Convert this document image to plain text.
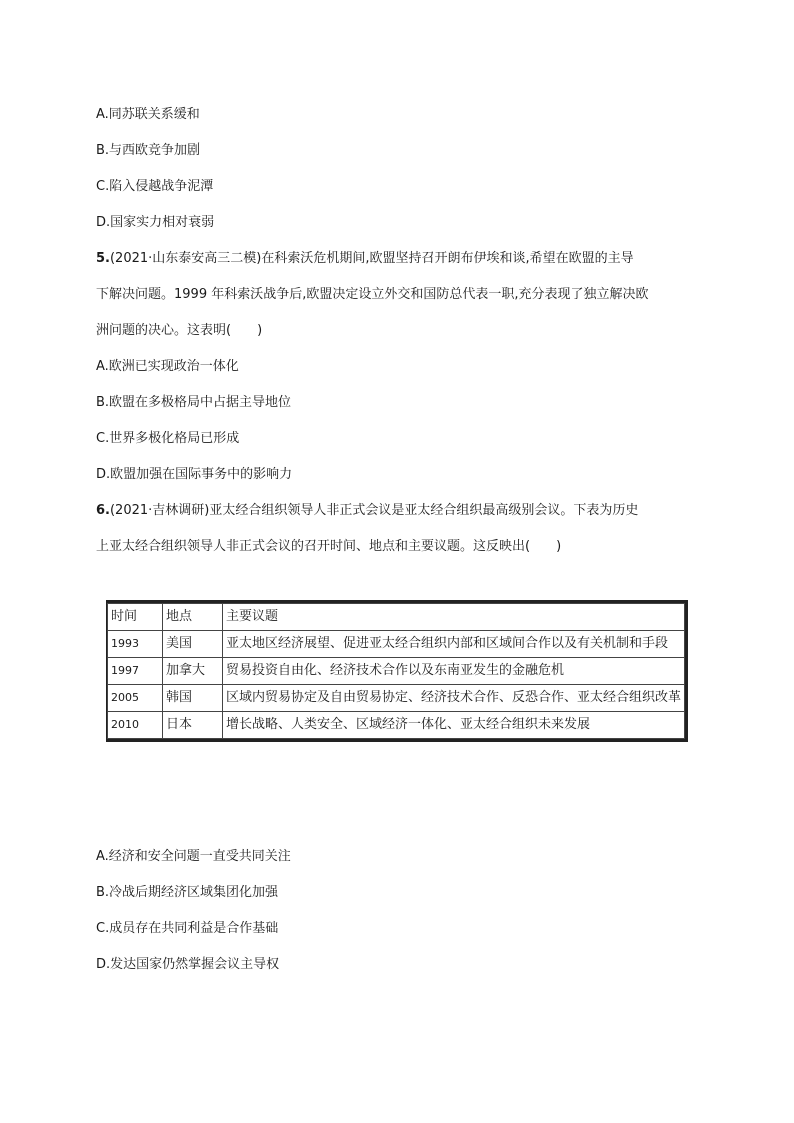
A.同苏联关系缓和
B.与西欧竞争加剧
C.陷入侵越战争泥潭
D.国家实力相对衰弱
5.(2021·山东泰安高三二模)在科索沃危机期间,欧盟坚持召开朗布伊埃和谈,希望在欧盟的主导
下解决问题。1999 年科索沃战争后,欧盟决定设立外交和国防总代表一职,充分表现了独立解决欧
洲问题的决心。这表明(　　)
A.欧洲已实现政治一体化
B.欧盟在多极格局中占据主导地位
C.世界多极化格局已形成
D.欧盟加强在国际事务中的影响力
6.(2021·吉林调研)亚太经合组织领导人非正式会议是亚太经合组织最高级别会议。下表为历史
上亚太经合组织领导人非正式会议的召开时间、地点和主要议题。这反映出(　　)
时间	地点	主要议题
1993	美国	亚太地区经济展望、促进亚太经合组织内部和区域间合作以及有关机制和手段
1997	加拿大	贸易投资自由化、经济技术合作以及东南亚发生的金融危机
2005	韩国	区域内贸易协定及自由贸易协定、经济技术合作、反恐合作、亚太经合组织改革
2010	日本	增长战略、人类安全、区域经济一体化、亚太经合组织未来发展
A.经济和安全问题一直受共同关注
B.冷战后期经济区域集团化加强
C.成员存在共同利益是合作基础
D.发达国家仍然掌握会议主导权
